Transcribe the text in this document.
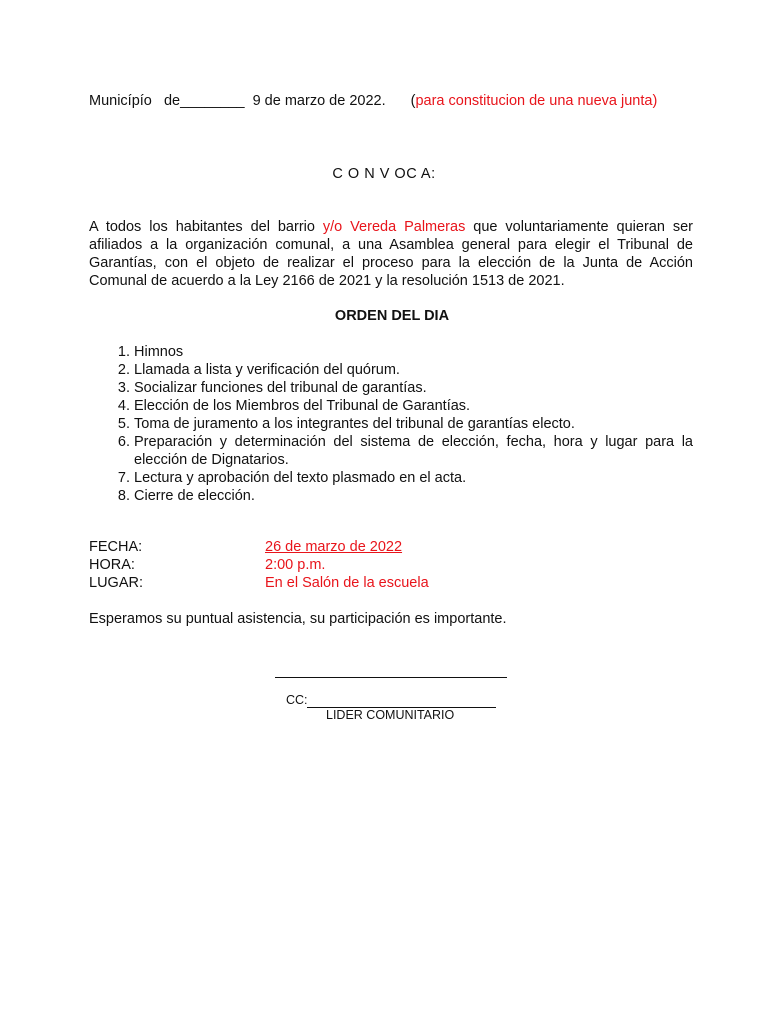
Municípío   de________ 9 de marzo de 2022. (para constitucion de una nueva junta)
C O N V OC A:
A todos los habitantes del barrio y/o Vereda Palmeras que voluntariamente quieran ser afiliados a la organización comunal, a una Asamblea general para elegir el Tribunal de Garantías, con el objeto de realizar el proceso para la elección de la Junta de Acción Comunal de acuerdo a la Ley 2166 de 2021 y la resolución 1513 de 2021.
ORDEN DEL DIA
1. Himnos
2. Llamada a lista y verificación del quórum.
3. Socializar funciones del tribunal de garantías.
4. Elección de los Miembros del Tribunal de Garantías.
5. Toma de juramento a los integrantes del tribunal de garantías electo.
6. Preparación y determinación del sistema de elección, fecha, hora y lugar para la elección de Dignatarios.
7. Lectura y aprobación del texto plasmado en el acta.
8. Cierre de elección.
FECHA:	26 de marzo de 2022
HORA:	2:00 p.m.
LUGAR:	En el Salón de la escuela
Esperamos su puntual asistencia, su participación es importante.
CC:
LIDER COMUNITARIO
